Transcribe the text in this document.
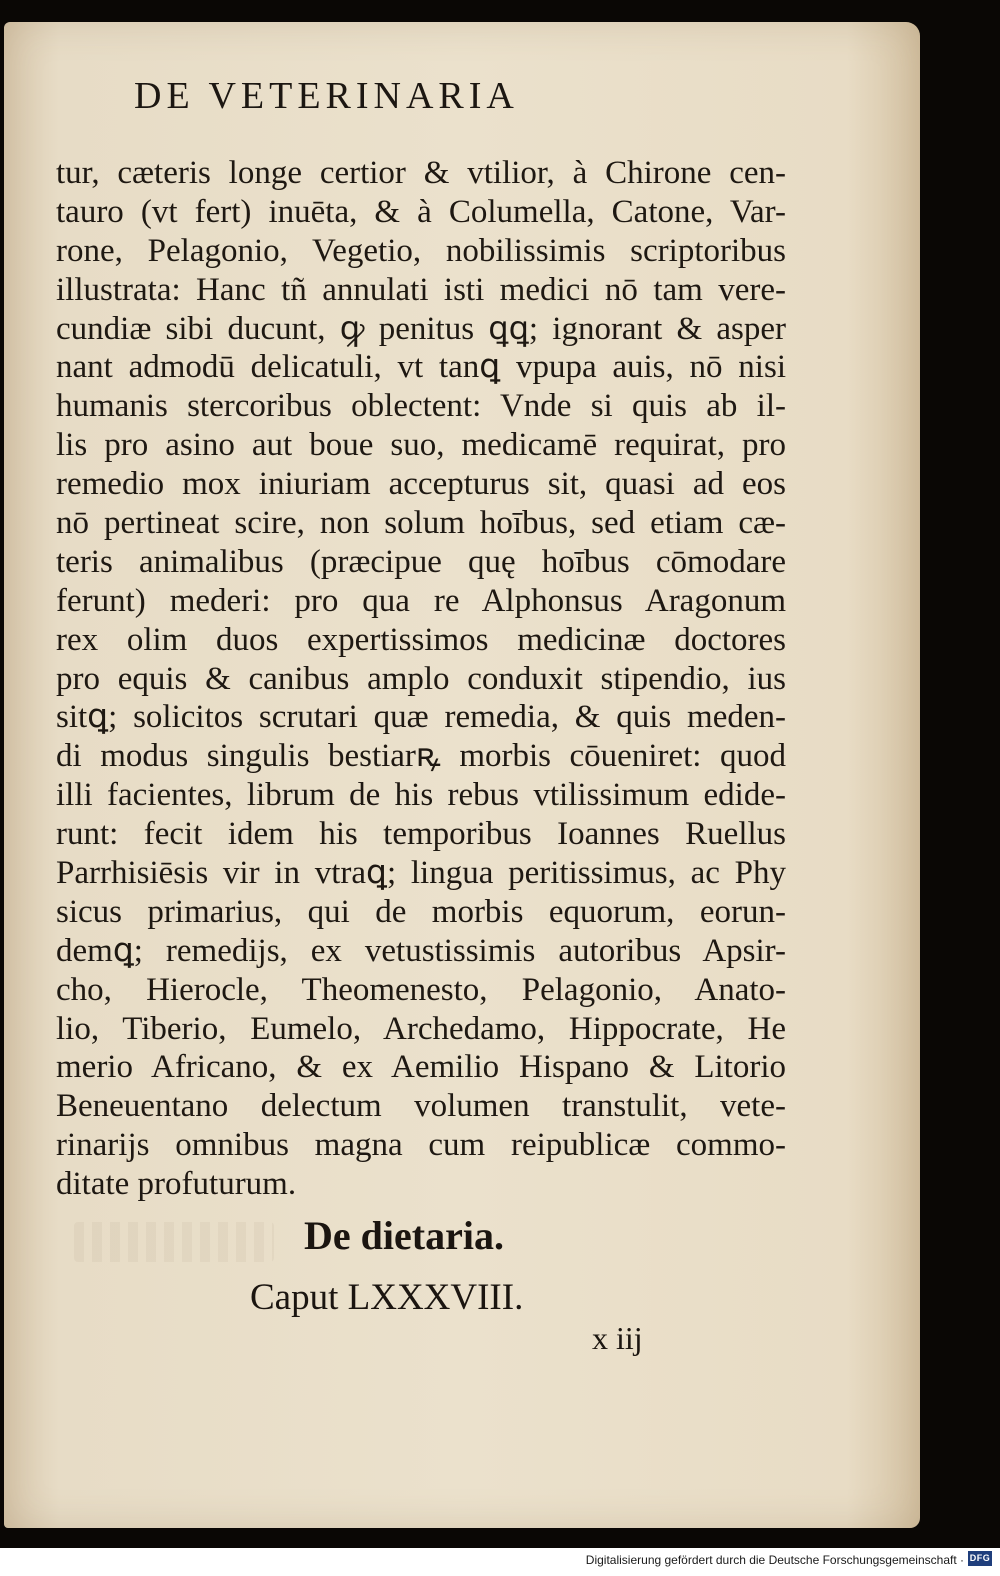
DE VETERINARIA
tur, cæteris longe certior & vtilior, à Chirone cen-
tauro (vt fert) inuēta, & à Columella, Catone, Var-
rone, Pelagonio, Vegetio, nobilissimis scriptoribus
illustrata: Hanc tñ annulati isti medici nō tam vere-
cundiæ sibi ducunt, ꝙ penitus ꝗꝗ; ignorant & asper
nant admodū delicatuli, vt tanꝗ vpupa auis, nō nisi
humanis stercoribus oblectent: Vnde si quis ab il-
lis pro asino aut boue suo, medicamē requirat, pro
remedio mox iniuriam accepturus sit, quasi ad eos
nō pertineat scire, non solum hoībus, sed etiam cæ-
teris animalibus (præcipue quę hoībus cōmodare
ferunt) mederi: pro qua re Alphonsus Aragonum
rex olim duos expertissimos medicinæ doctores
pro equis & canibus amplo conduxit stipendio, ius
sitꝗ; solicitos scrutari quæ remedia, & quis meden-
di modus singulis bestiarꝶ morbis cōueniret: quod
illi facientes, librum de his rebus vtilissimum edide-
runt: fecit idem his temporibus Ioannes Ruellus
Parrhisiēsis vir in vtraꝗ; lingua peritissimus, ac Phy
sicus primarius, qui de morbis equorum, eorun-
demꝗ; remedijs, ex vetustissimis autoribus Apsir-
cho, Hierocle, Theomenesto, Pelagonio, Anato-
lio, Tiberio, Eumelo, Archedamo, Hippocrate, He
merio Africano, & ex Aemilio Hispano & Litorio
Beneuentano delectum volumen transtulit, vete-
rinarijs omnibus magna cum reipublicæ commo-
ditate profuturum.
De dietaria.
Caput LXXXVIII.
x iij
Digitalisierung gefördert durch die Deutsche Forschungsgemeinschaft · DFG
